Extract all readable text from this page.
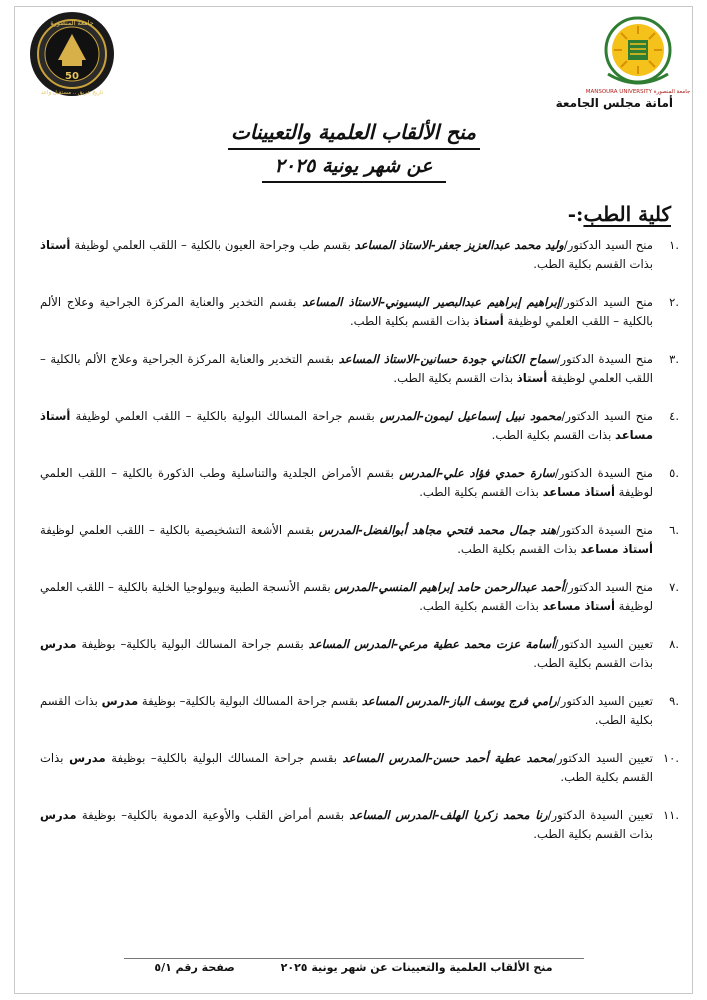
50
جامعة المنصورة
تاريخ عريق .. مستقبل واعد	MANSOURA UNIVERSITY جامعة المنصورة
أمانة مجلس الجامعة
منح الألقاب العلمية والتعيينات
عن شهر يونية ٢٠٢٥
كلية الطب:-
.١
منح السيد الدكتور/وليد محمد عبدالعزيز جعفر-الاستاذ المساعد بقسم طب وجراحة العيون بالكلية – اللقب العلمي لوظيفة أستاذ بذات القسم بكلية الطب.
.٢
منح السيد الدكتور/إبراهيم إبراهيم عبدالبصير البسيوني-الاستاذ المساعد بقسم التخدير والعناية المركزة الجراحية وعلاج الألم بالكلية – اللقب العلمي لوظيفة أستاذ بذات القسم بكلية الطب.
.٣
منح السيدة الدكتور/سماح الكناني جودة حسانين-الاستاذ المساعد بقسم التخدير والعناية المركزة الجراحية وعلاج الألم بالكلية – اللقب العلمي لوظيفة أستاذ بذات القسم بكلية الطب.
.٤
منح السيد الدكتور/محمود نبيل إسماعيل ليمون-المدرس بقسم جراحة المسالك البولية بالكلية – اللقب العلمي لوظيفة أستاذ مساعد بذات القسم بكلية الطب.
.٥
منح السيدة الدكتور/سارة حمدي فؤاد علي-المدرس بقسم الأمراض الجلدية والتناسلية وطب الذكورة بالكلية – اللقب العلمي لوظيفة أستاذ مساعد بذات القسم بكلية الطب.
.٦
منح السيدة الدكتور/هند جمال محمد فتحي مجاهد أبوالفضل-المدرس بقسم الأشعة التشخيصية بالكلية – اللقب العلمي لوظيفة أستاذ مساعد بذات القسم بكلية الطب.
.٧
منح السيد الدكتور/أحمد عبدالرحمن حامد إبراهيم المنسي-المدرس بقسم الأنسجة الطبية وبيولوجيا الخلية بالكلية – اللقب العلمي لوظيفة أستاذ مساعد بذات القسم بكلية الطب.
.٨
تعيين السيد الدكتور/أسامة عزت محمد عطية مرعي-المدرس المساعد بقسم جراحة المسالك البولية بالكلية– بوظيفة مدرس بذات القسم بكلية الطب.
.٩
تعيين السيد الدكتور/رامي فرج يوسف الباز-المدرس المساعد بقسم جراحة المسالك البولية بالكلية– بوظيفة مدرس بذات القسم بكلية الطب.
.١٠
تعيين السيد الدكتور/محمد عطية أحمد حسن-المدرس المساعد بقسم جراحة المسالك البولية بالكلية– بوظيفة مدرس بذات القسم بكلية الطب.
.١١
تعيين السيدة الدكتور/رنا محمد زكريا الهلف-المدرس المساعد بقسم أمراض القلب والأوعية الدموية بالكلية– بوظيفة مدرس بذات القسم بكلية الطب.
منح الألقاب العلمية والتعيينات عن شهر يونية ٢٠٢٥ صفحة رقم ٥/١
